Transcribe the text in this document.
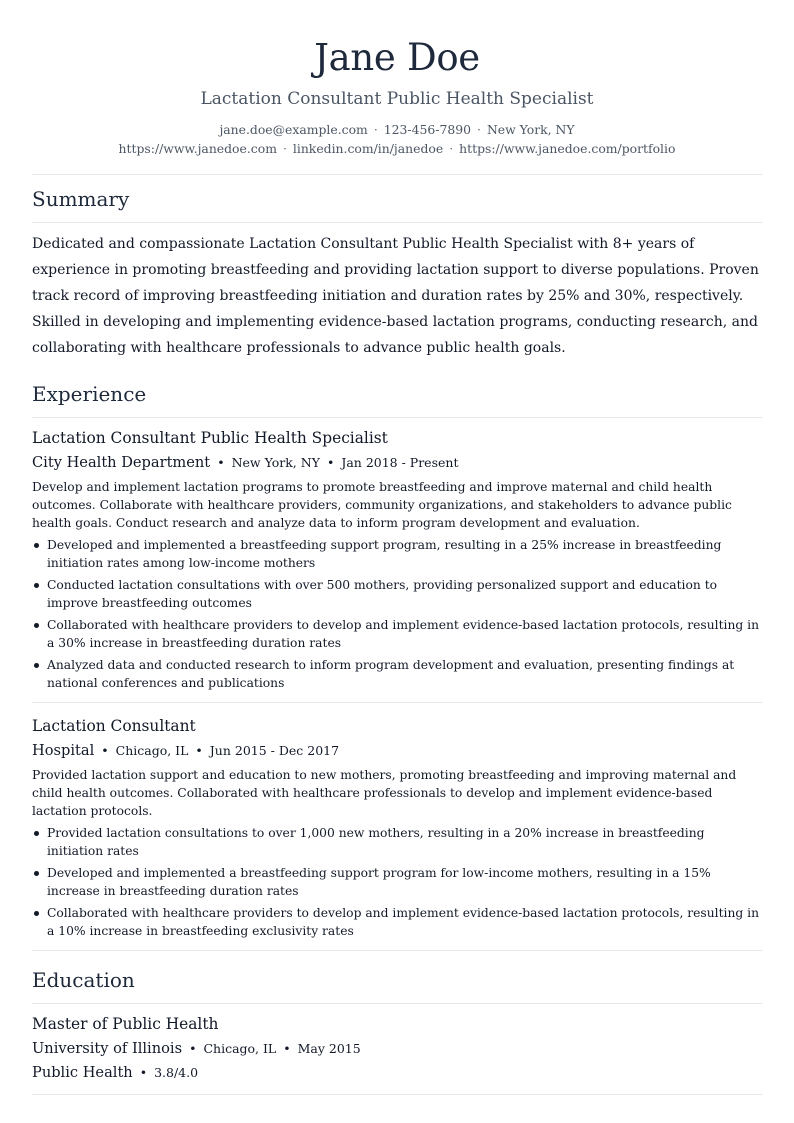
Jane Doe
Lactation Consultant Public Health Specialist
jane.doe@example.com · 123-456-7890 · New York, NY
https://www.janedoe.com · linkedin.com/in/janedoe · https://www.janedoe.com/portfolio
Summary

Dedicated and compassionate Lactation Consultant Public Health Specialist with 8+ years of experience in promoting breastfeeding and providing lactation support to diverse populations. Proven track record of improving breastfeeding initiation and duration rates by 25% and 30%, respectively. Skilled in developing and implementing evidence-based lactation programs, conducting research, and collaborating with healthcare professionals to advance public health goals.

Experience
Lactation Consultant Public Health Specialist
City Health Department • New York, NY • Jan 2018 - Present
Develop and implement lactation programs to promote breastfeeding and improve maternal and child health outcomes. Collaborate with healthcare providers, community organizations, and stakeholders to advance public health goals. Conduct research and analyze data to inform program development and evaluation.
Developed and implemented a breastfeeding support program, resulting in a 25% increase in breastfeeding initiation rates among low-income mothers
Conducted lactation consultations with over 500 mothers, providing personalized support and education to improve breastfeeding outcomes
Collaborated with healthcare providers to develop and implement evidence-based lactation protocols, resulting in a 30% increase in breastfeeding duration rates
Analyzed data and conducted research to inform program development and evaluation, presenting findings at national conferences and publications
Lactation Consultant
Hospital • Chicago, IL • Jun 2015 - Dec 2017
Provided lactation support and education to new mothers, promoting breastfeeding and improving maternal and child health outcomes. Collaborated with healthcare professionals to develop and implement evidence-based lactation protocols.
Provided lactation consultations to over 1,000 new mothers, resulting in a 20% increase in breastfeeding initiation rates
Developed and implemented a breastfeeding support program for low-income mothers, resulting in a 15% increase in breastfeeding duration rates
Collaborated with healthcare providers to develop and implement evidence-based lactation protocols, resulting in a 10% increase in breastfeeding exclusivity rates
Education
Master of Public Health
University of Illinois • Chicago, IL • May 2015
Public Health • 3.8/4.0
